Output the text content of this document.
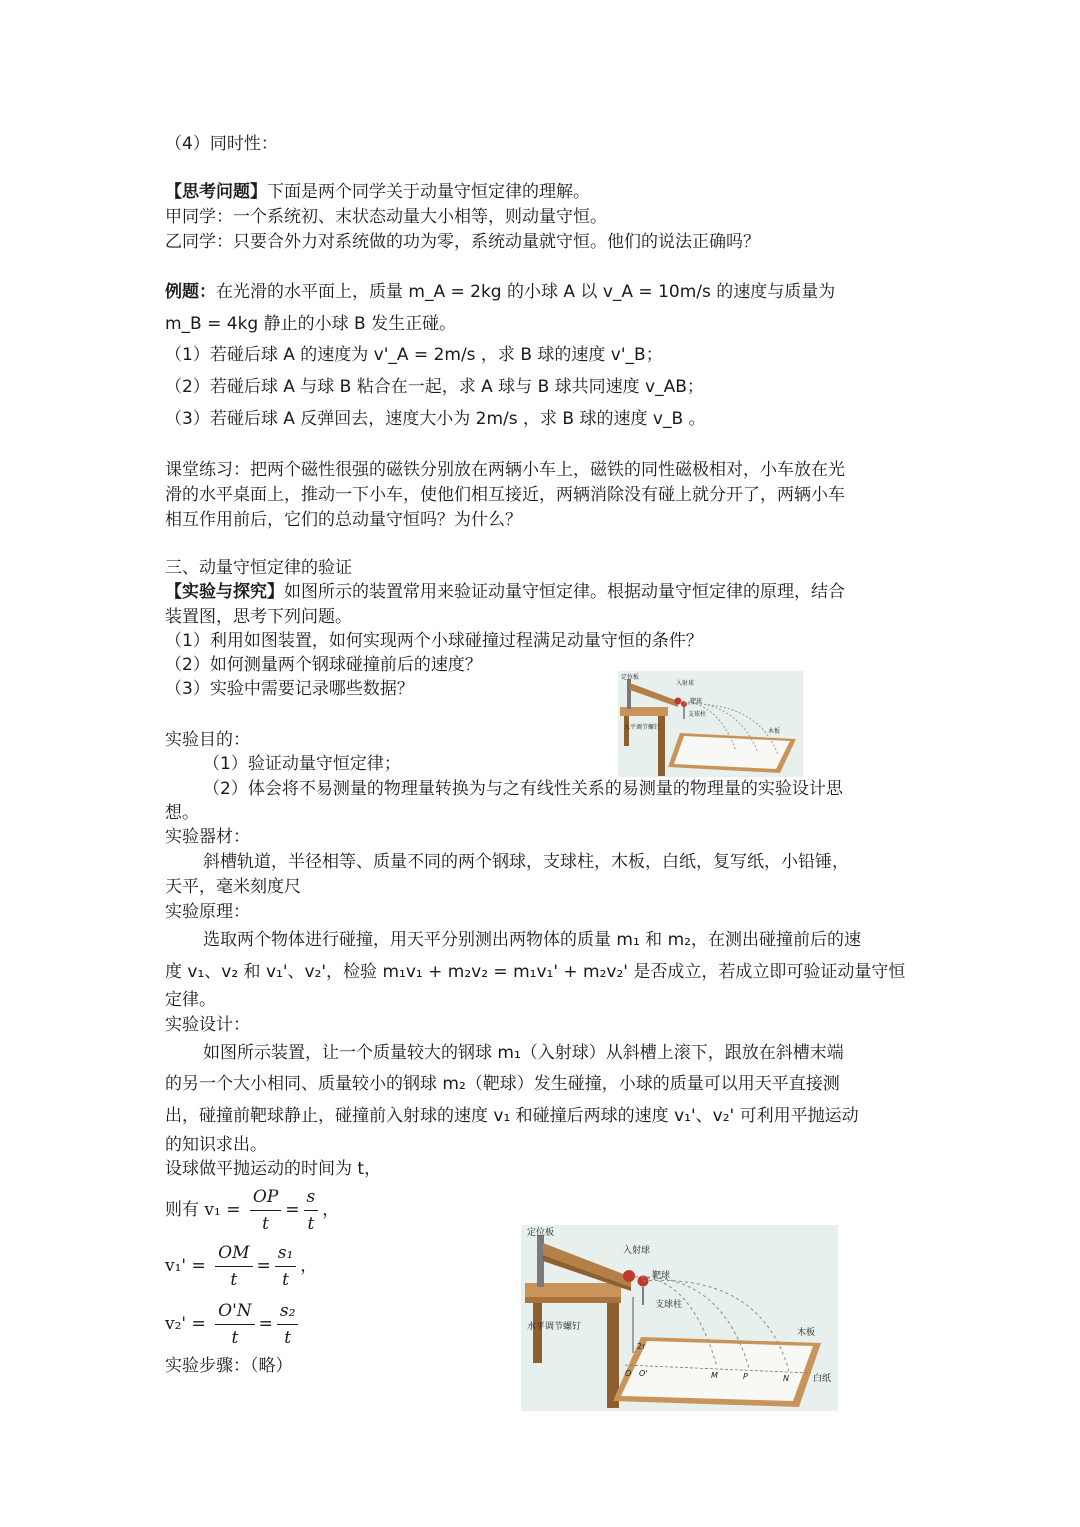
（4）同时性：
【思考问题】下面是两个同学关于动量守恒定律的理解。
甲同学：一个系统初、末状态动量大小相等，则动量守恒。
乙同学：只要合外力对系统做的功为零，系统动量就守恒。他们的说法正确吗？
例题：在光滑的水平面上，质量 m_A = 2kg 的小球 A 以 v_A = 10m/s 的速度与质量为
m_B = 4kg 静止的小球 B 发生正碰。
（1）若碰后球 A 的速度为 v'_A = 2m/s ，求 B 球的速度 v'_B；
（2）若碰后球 A 与球 B 粘合在一起，求 A 球与 B 球共同速度 v_AB；
（3）若碰后球 A 反弹回去，速度大小为 2m/s ，求 B 球的速度 v_B 。
课堂练习：把两个磁性很强的磁铁分别放在两辆小车上，磁铁的同性磁极相对，小车放在光
滑的水平桌面上，推动一下小车，使他们相互接近，两辆消除没有碰上就分开了，两辆小车
相互作用前后，它们的总动量守恒吗？为什么？
三、动量守恒定律的验证
【实验与探究】如图所示的装置常用来验证动量守恒定律。根据动量守恒定律的原理，结合
装置图，思考下列问题。
（1）利用如图装置，如何实现两个小球碰撞过程满足动量守恒的条件？
（2）如何测量两个钢球碰撞前后的速度？
（3）实验中需要记录哪些数据？
实验目的：
（1）验证动量守恒定律；
（2）体会将不易测量的物理量转换为与之有线性关系的易测量的物理量的实验设计思
想。
实验器材：
斜槽轨道，半径相等、质量不同的两个钢球，支球柱，木板，白纸，复写纸，小铅锤，
天平，毫米刻度尺
实验原理：
选取两个物体进行碰撞，用天平分别测出两物体的质量 m₁ 和 m₂，在测出碰撞前后的速
度 v₁、v₂ 和 v₁'、v₂'，检验 m₁v₁ + m₂v₂ = m₁v₁' + m₂v₂' 是否成立，若成立即可验证动量守恒
定律。
实验设计：
如图所示装置，让一个质量较大的钢球 m₁（入射球）从斜槽上滚下，跟放在斜槽末端
的另一个大小相同、质量较小的钢球 m₂（靶球）发生碰撞，小球的质量可以用天平直接测
出，碰撞前靶球静止，碰撞前入射球的速度 v₁ 和碰撞后两球的速度 v₁'、v₂' 可利用平抛运动
的知识求出。
设球做平抛运动的时间为 t，
则有 $v_1 = \frac{OP}{t} = \frac{s}{t}$ ，
$v_1' = \frac{OM}{t} = \frac{\text{s₁}}{t}$ ，
$v_2' = \frac{O'N}{t} = \frac{\text{s₂}}{t}$
实验步骤：（略）
定位板
入射球
靶球
支球柱
水平调节螺钉
木板
定位板
入射球
靶球
支球柱
水平调节螺钉
木板
白纸
O O'	M	P	N
2r
